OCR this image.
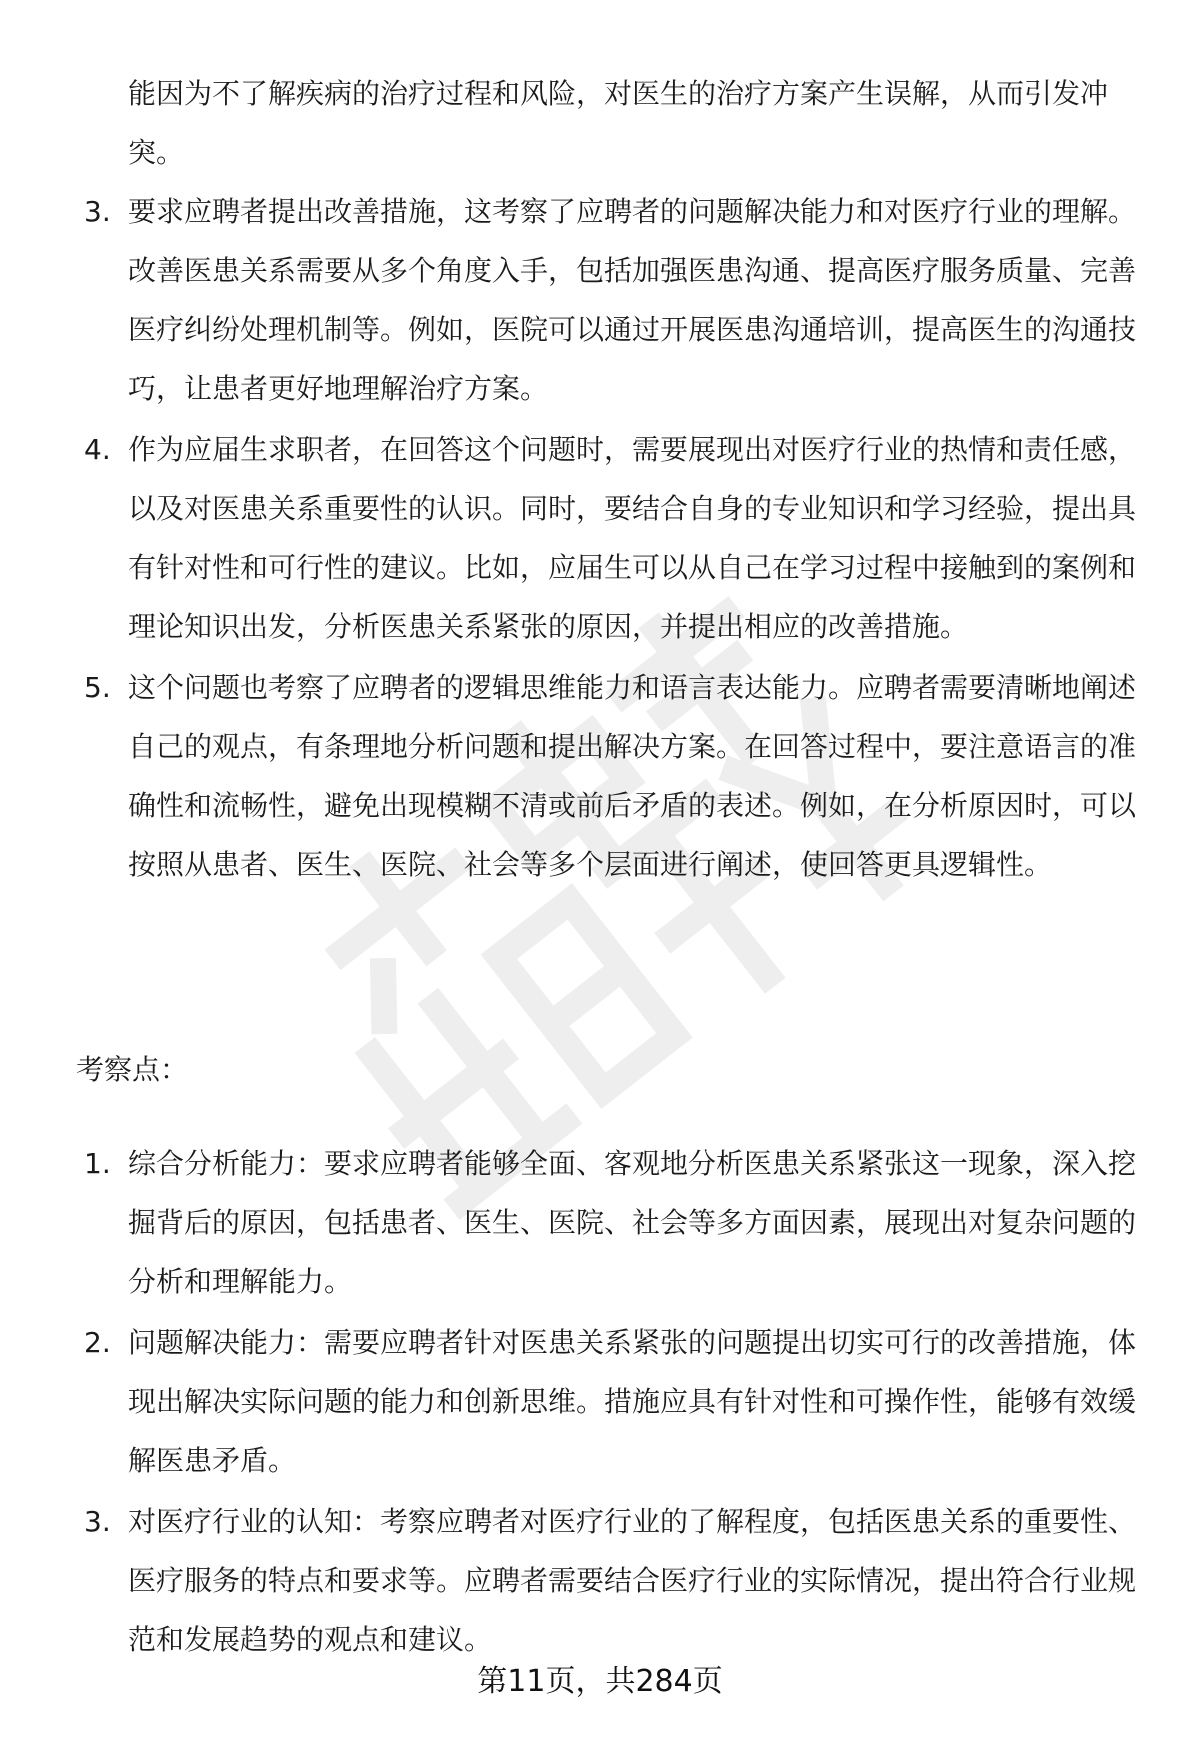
能因为不了解疾病的治疗过程和风险，对医生的治疗方案产生误解，从而引发冲突。

3. 要求应聘者提出改善措施，这考察了应聘者的问题解决能力和对医疗行业的理解。改善医患关系需要从多个角度入手，包括加强医患沟通、提高医疗服务质量、完善医疗纠纷处理机制等。例如，医院可以通过开展医患沟通培训，提高医生的沟通技巧，让患者更好地理解治疗方案。
4. 作为应届生求职者，在回答这个问题时，需要展现出对医疗行业的热情和责任感，以及对医患关系重要性的认识。同时，要结合自身的专业知识和学习经验，提出具有针对性和可行性的建议。比如，应届生可以从自己在学习过程中接触到的案例和理论知识出发，分析医患关系紧张的原因，并提出相应的改善措施。
5. 这个问题也考察了应聘者的逻辑思维能力和语言表达能力。应聘者需要清晰地阐述自己的观点，有条理地分析问题和提出解决方案。在回答过程中，要注意语言的准确性和流畅性，避免出现模糊不清或前后矛盾的表述。例如，在分析原因时，可以按照从患者、医生、医院、社会等多个层面进行阐述，使回答更具逻辑性。
考察点：
1. 综合分析能力：要求应聘者能够全面、客观地分析医患关系紧张这一现象，深入挖掘背后的原因，包括患者、医生、医院、社会等多方面因素，展现出对复杂问题的分析和理解能力。
2. 问题解决能力：需要应聘者针对医患关系紧张的问题提出切实可行的改善措施，体现出解决实际问题的能力和创新思维。措施应具有针对性和可操作性，能够有效缓解医患矛盾。
3. 对医疗行业的认知：考察应聘者对医疗行业的了解程度，包括医患关系的重要性、医疗服务的特点和要求等。应聘者需要结合医疗行业的实际情况，提出符合行业规范和发展趋势的观点和建议。
第11页，共284页
